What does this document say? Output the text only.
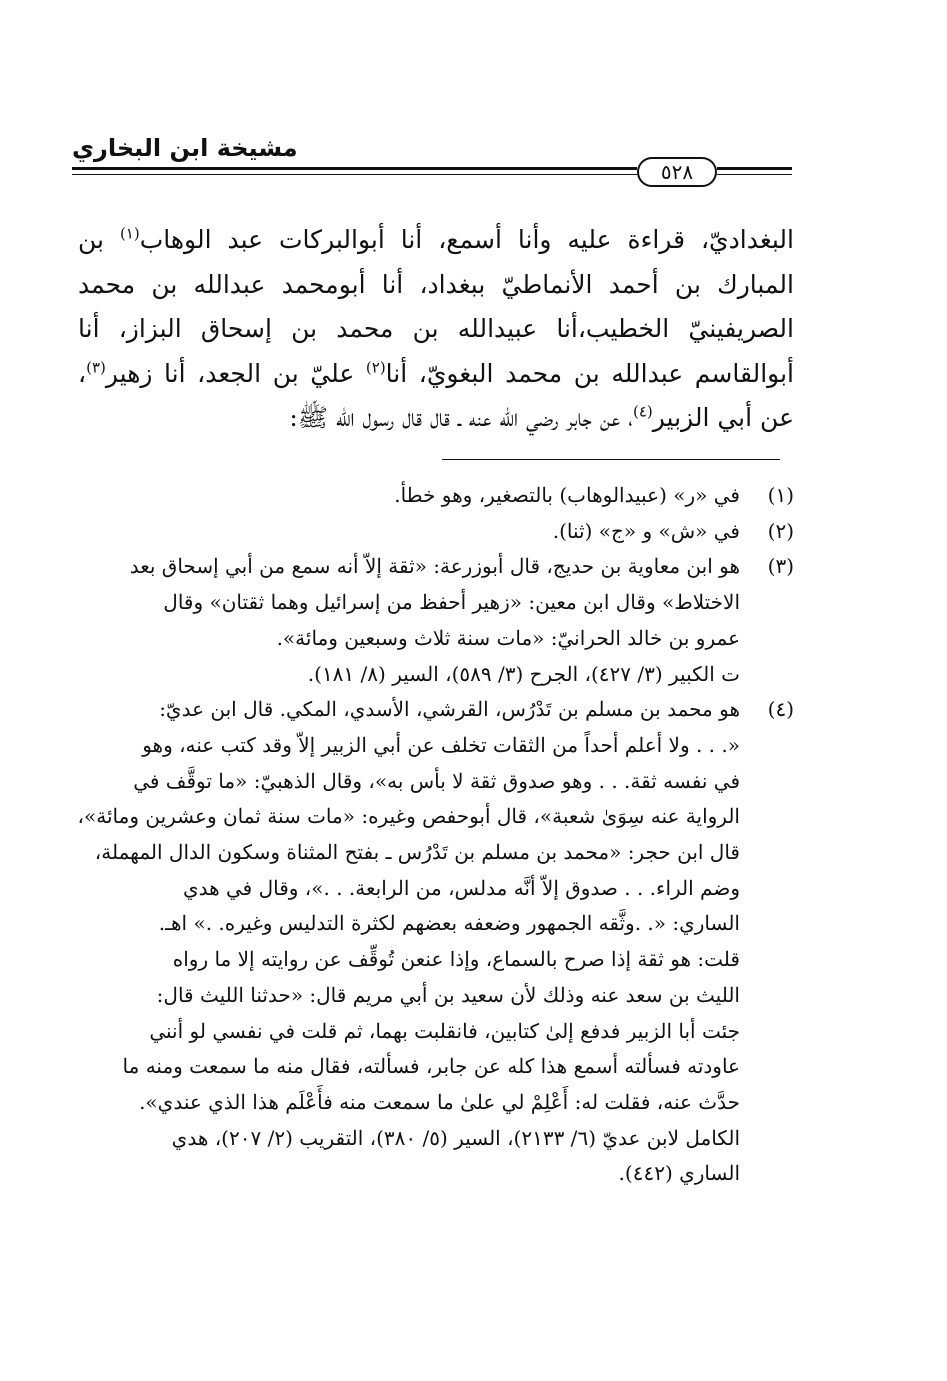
مشيخة ابن البخاري
٥٢٨
البغداديّ، قراءة عليه وأنا أسمع، أنا أبوالبركات عبد الوهاب$^{(١)}$ بن المبارك بن أحمد الأنماطيّ ببغداد، أنا أبومحمد عبدالله بن محمد الصريفينيّ الخطيب،أنا عبيدالله بن محمد بن إسحاق البزاز، أنا أبوالقاسم عبدالله بن محمد البغويّ، أنا$^{(٢)}$ عليّ بن الجعد، أنا زهير$^{(٣)}$، عن أبي الزبير$^{(٤)}$، عن جابر رضي الله عنه ـ قال قال رسول الله ﷺ:
(١)
في «ر» (عبيدالوهاب) بالتصغير، وهو خطأ.
(٢)
في «ش» و «ج» (ثنا).
(٣)
هو ابن معاوية بن حديج، قال أبوزرعة: «ثقة إلاّ أنه سمع من أبي إسحاق بعد
الاختلاط» وقال ابن معين: «زهير أحفظ من إسرائيل وهما ثقتان» وقال
عمرو بن خالد الحرانيّ: «مات سنة ثلاث وسبعين ومائة».
ت الكبير (٣/ ٤٢٧)، الجرح (٣/ ٥٨٩)، السير (٨/ ١٨١).
(٤)
هو محمد بن مسلم بن تَدْرُس، القرشي، الأسدي، المكي. قال ابن عديّ:
«. . . ولا أعلم أحداً من الثقات تخلف عن أبي الزبير إلاّ وقد كتب عنه، وهو
في نفسه ثقة. . . وهو صدوق ثقة لا بأس به»، وقال الذهبيّ: «ما توقَّف في
الرواية عنه سِوَىٰ شعبة»، قال أبوحفص وغيره: «مات سنة ثمان وعشرين ومائة»،
قال ابن حجر: «محمد بن مسلم بن تَدْرُس ـ بفتح المثناة وسكون الدال المهملة،
وضم الراء. . . صدوق إلاّ أنَّه مدلس، من الرابعة. . .»، وقال في هدي
الساري: «. .وثَّقه الجمهور وضعفه بعضهم لكثرة التدليس وغيره. .» اهـ.
قلت: هو ثقة إذا صرح بالسماع، وإذا عنعن تُوقِّف عن روايته إلا ما رواه
الليث بن سعد عنه وذلك لأن سعيد بن أبي مريم قال: «حدثنا الليث قال:
جئت أبا الزبير فدفع إلىٰ كتابين، فانقلبت بهما، ثم قلت في نفسي لو أنني
عاودته فسألته أسمع هذا كله عن جابر، فسألته، فقال منه ما سمعت ومنه ما
حدَّث عنه، فقلت له: أَعْلِمْ لي علىٰ ما سمعت منه فأَعْلَم هذا الذي عندي».
الكامل لابن عديّ (٦/ ٢١٣٣)، السير (٥/ ٣٨٠)، التقريب (٢/ ٢٠٧)، هدي
الساري (٤٤٢).
